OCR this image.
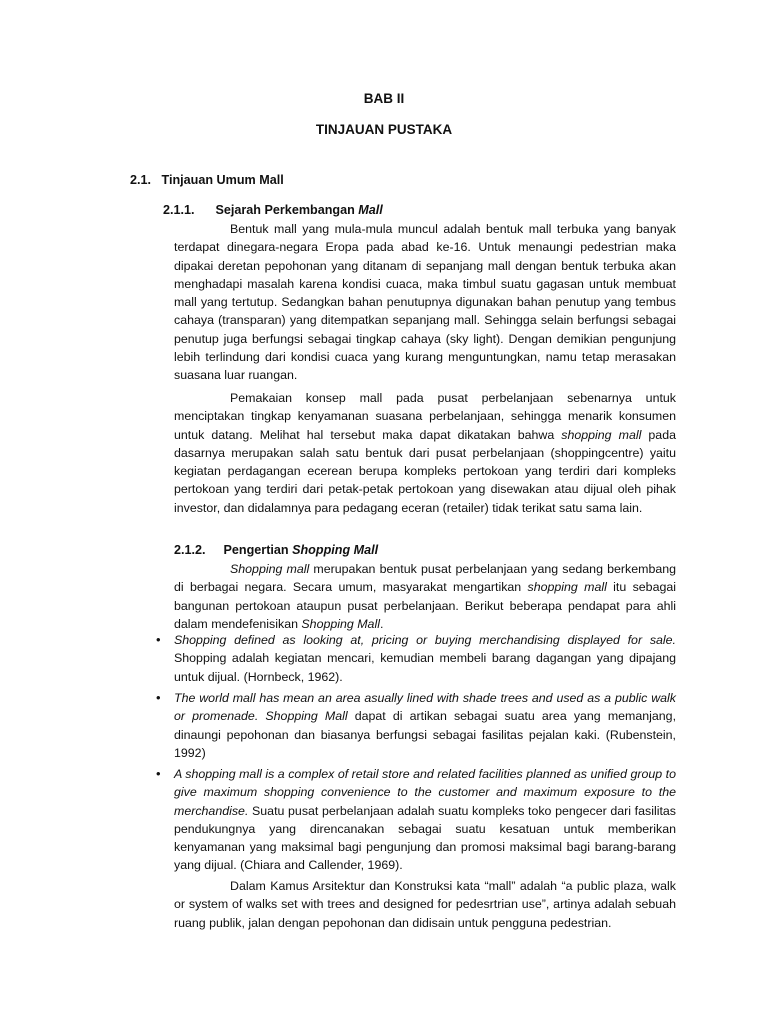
BAB II
TINJAUAN PUSTAKA
2.1. Tinjauan Umum Mall
2.1.1. Sejarah Perkembangan Mall

Bentuk mall yang mula-mula muncul adalah bentuk mall terbuka yang banyak terdapat dinegara-negara Eropa pada abad ke-16. Untuk menaungi pedestrian maka dipakai deretan pepohonan yang ditanam di sepanjang mall dengan bentuk terbuka akan menghadapi masalah karena kondisi cuaca, maka timbul suatu gagasan untuk membuat mall yang tertutup. Sedangkan bahan penutupnya digunakan bahan penutup yang tembus cahaya (transparan) yang ditempatkan sepanjang mall. Sehingga selain berfungsi sebagai penutup juga berfungsi sebagai tingkap cahaya (sky light). Dengan demikian pengunjung lebih terlindung dari kondisi cuaca yang kurang menguntungkan, namu tetap merasakan suasana luar ruangan.

Pemakaian konsep mall pada pusat perbelanjaan sebenarnya untuk menciptakan tingkap kenyamanan suasana perbelanjaan, sehingga menarik konsumen untuk datang. Melihat hal tersebut maka dapat dikatakan bahwa shopping mall pada dasarnya merupakan salah satu bentuk dari pusat perbelanjaan (shoppingcentre) yaitu kegiatan perdagangan ecerean berupa kompleks pertokoan yang terdiri dari kompleks pertokoan yang terdiri dari petak-petak pertokoan yang disewakan atau dijual oleh pihak investor, dan didalamnya para pedagang eceran (retailer) tidak terikat satu sama lain.

2.1.2. Pengertian Shopping Mall

Shopping mall merupakan bentuk pusat perbelanjaan yang sedang berkembang di berbagai negara. Secara umum, masyarakat mengartikan shopping mall itu sebagai bangunan pertokoan ataupun pusat perbelanjaan. Berikut beberapa pendapat para ahli dalam mendefenisikan Shopping Mall.

• Shopping defined as looking at, pricing or buying merchandising displayed for sale. Shopping adalah kegiatan mencari, kemudian membeli barang dagangan yang dipajang untuk dijual. (Hornbeck, 1962).
• The world mall has mean an area asually lined with shade trees and used as a public walk or promenade. Shopping Mall dapat di artikan sebagai suatu area yang memanjang, dinaungi pepohonan dan biasanya berfungsi sebagai fasilitas pejalan kaki. (Rubenstein, 1992)
• A shopping mall is a complex of retail store and related facilities planned as unified group to give maximum shopping convenience to the customer and maximum exposure to the merchandise. Suatu pusat perbelanjaan adalah suatu kompleks toko pengecer dari fasilitas pendukungnya yang direncanakan sebagai suatu kesatuan untuk memberikan kenyamanan yang maksimal bagi pengunjung dan promosi maksimal bagi barang-barang yang dijual. (Chiara and Callender, 1969).

Dalam Kamus Arsitektur dan Konstruksi kata “mall” adalah “a public plaza, walk or system of walks set with trees and designed for pedesrtrian use”, artinya adalah sebuah ruang publik, jalan dengan pepohonan dan didisain untuk pengguna pedestrian.
